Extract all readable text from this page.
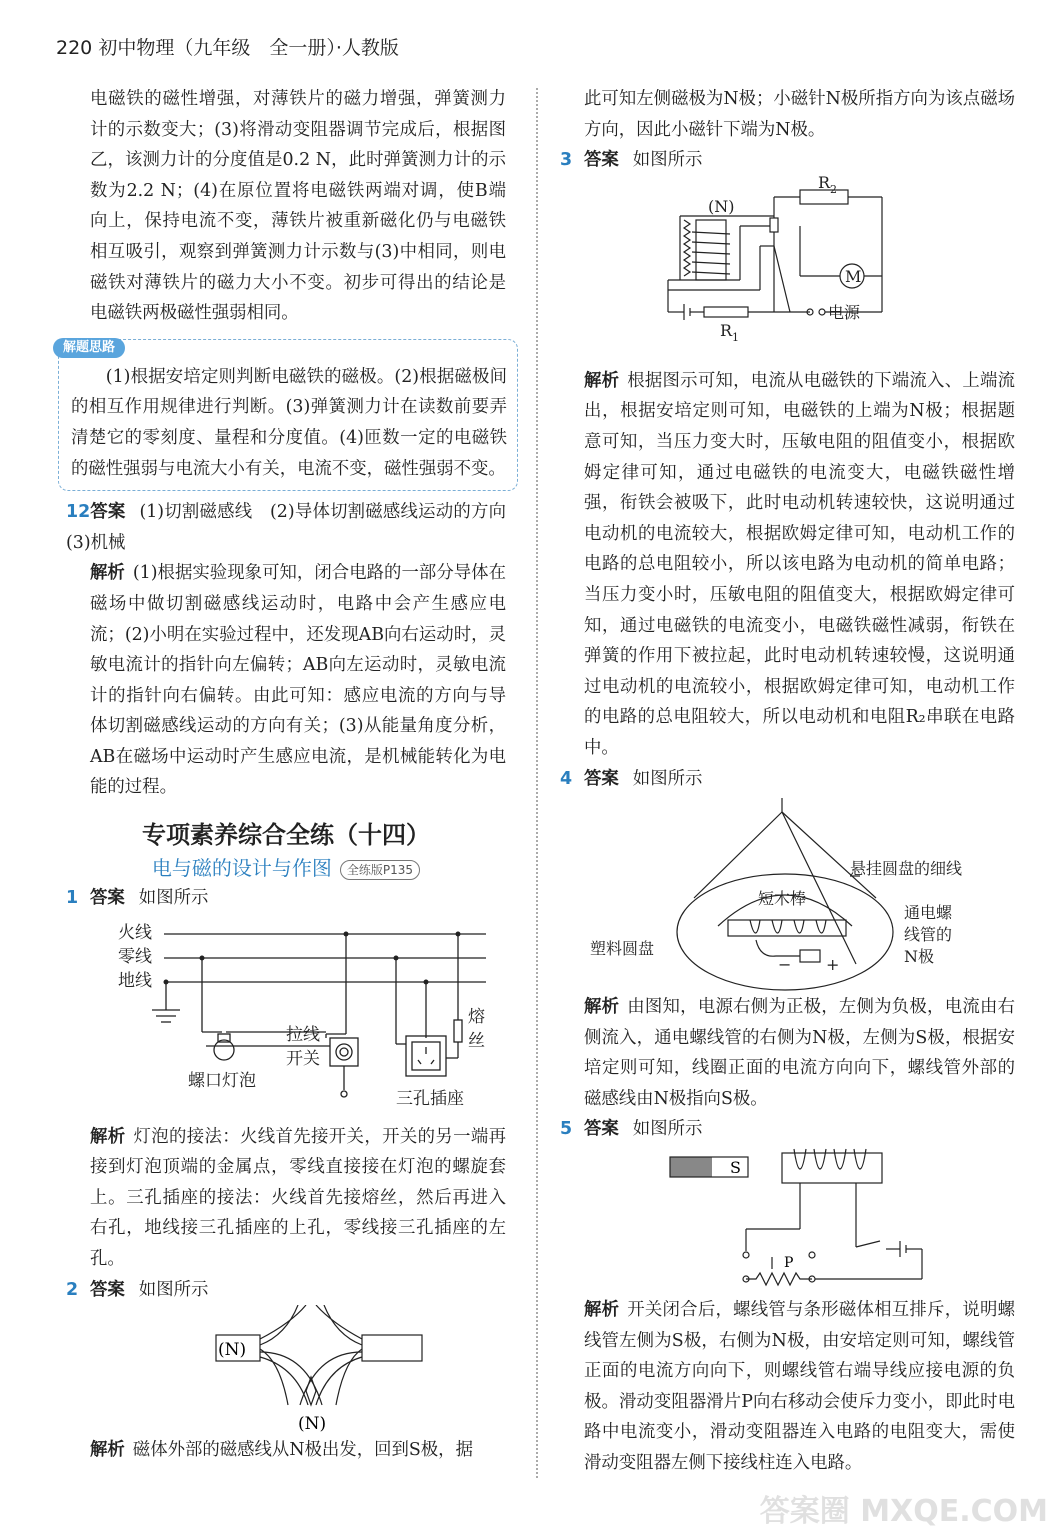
220 初中物理（九年级　全一册）·人教版

电磁铁的磁性增强，对薄铁片的磁力增强，弹簧测力计的示数变大；(3)将滑动变阻器调节完成后，根据图乙，该测力计的分度值是0.2 N，此时弹簧测力计的示数为2.2 N；(4)在原位置将电磁铁两端对调，使B端向上，保持电流不变，薄铁片被重新磁化仍与电磁铁相互吸引，观察到弹簧测力计示数与(3)中相同，则电磁铁对薄铁片的磁力大小不变。初步可得出的结论是电磁铁两极磁性强弱相同。

解题思路

(1)根据安培定则判断电磁铁的磁极。(2)根据磁极间的相互作用规律进行判断。(3)弹簧测力计在读数前要弄清楚它的零刻度、量程和分度值。(4)匝数一定的电磁铁的磁性强弱与电流大小有关，电流不变，磁性强弱不变。

12答案 (1)切割磁感线　(2)导体切割磁感线运动的方向　(3)机械

解析 (1)根据实验现象可知，闭合电路的一部分导体在磁场中做切割磁感线运动时，电路中会产生感应电流；(2)小明在实验过程中，还发现AB向右运动时，灵敏电流计的指针向左偏转；AB向左运动时，灵敏电流计的指针向右偏转。由此可知：感应电流的方向与导体切割磁感线运动的方向有关；(3)从能量角度分析，AB在磁场中运动时产生感应电流，是机械能转化为电能的过程。

专项素养综合全练（十四）
电与磁的设计与作图 全练版P135

1 答案 如图所示

火线
零线
地线
拉线
开关
螺口灯泡
三孔插座
熔
丝

解析 灯泡的接法：火线首先接开关，开关的另一端再接到灯泡顶端的金属点，零线直接接在灯泡的螺旋套上。三孔插座的接法：火线首先接熔丝，然后再进入右孔，地线接三孔插座的上孔，零线接三孔插座的左孔。

2 答案 如图所示

(N)
(N)

解析 磁体外部的磁感线从N极出发，回到S极，据

此可知左侧磁极为N极；小磁针N极所指方向为该点磁场方向，因此小磁针下端为N极。

3 答案 如图所示

(N)
$R_2$
$R_1$
M
电源

解析 根据图示可知，电流从电磁铁的下端流入、上端流出，根据安培定则可知，电磁铁的上端为N极；根据题意可知，当压力变大时，压敏电阻的阻值变小，根据欧姆定律可知，通过电磁铁的电流变大，电磁铁磁性增强，衔铁会被吸下，此时电动机转速较快，这说明通过电动机的电流较大，根据欧姆定律可知，电动机工作的电路的总电阻较小，所以该电路为电动机的简单电路；当压力变小时，压敏电阻的阻值变大，根据欧姆定律可知，通过电磁铁的电流变小，电磁铁磁性减弱，衔铁在弹簧的作用下被拉起，此时电动机转速较慢，这说明通过电动机的电流较小，根据欧姆定律可知，电动机工作的电路的总电阻较大，所以电动机和电阻R₂串联在电路中。

4 答案 如图所示

悬挂圆盘的细线
短木棒
塑料圆盘
通电螺
线管的
N极
− +

解析 由图知，电源右侧为正极，左侧为负极，电流由右侧流入，通电螺线管的右侧为N极，左侧为S极，根据安培定则可知，线圈正面的电流方向向下，螺线管外部的磁感线由N极指向S极。

5 答案 如图所示

S
P

解析 开关闭合后，螺线管与条形磁体相互排斥，说明螺线管左侧为S极，右侧为N极，由安培定则可知，螺线管正面的电流方向向下，则螺线管右端导线应接电源的负极。滑动变阻器滑片P向右移动会使斥力变小，即此时电路中电流变小，滑动变阻器连入电路的电阻变大，需使滑动变阻器左侧下接线柱连入电路。

答案圈 MXQE.COM
